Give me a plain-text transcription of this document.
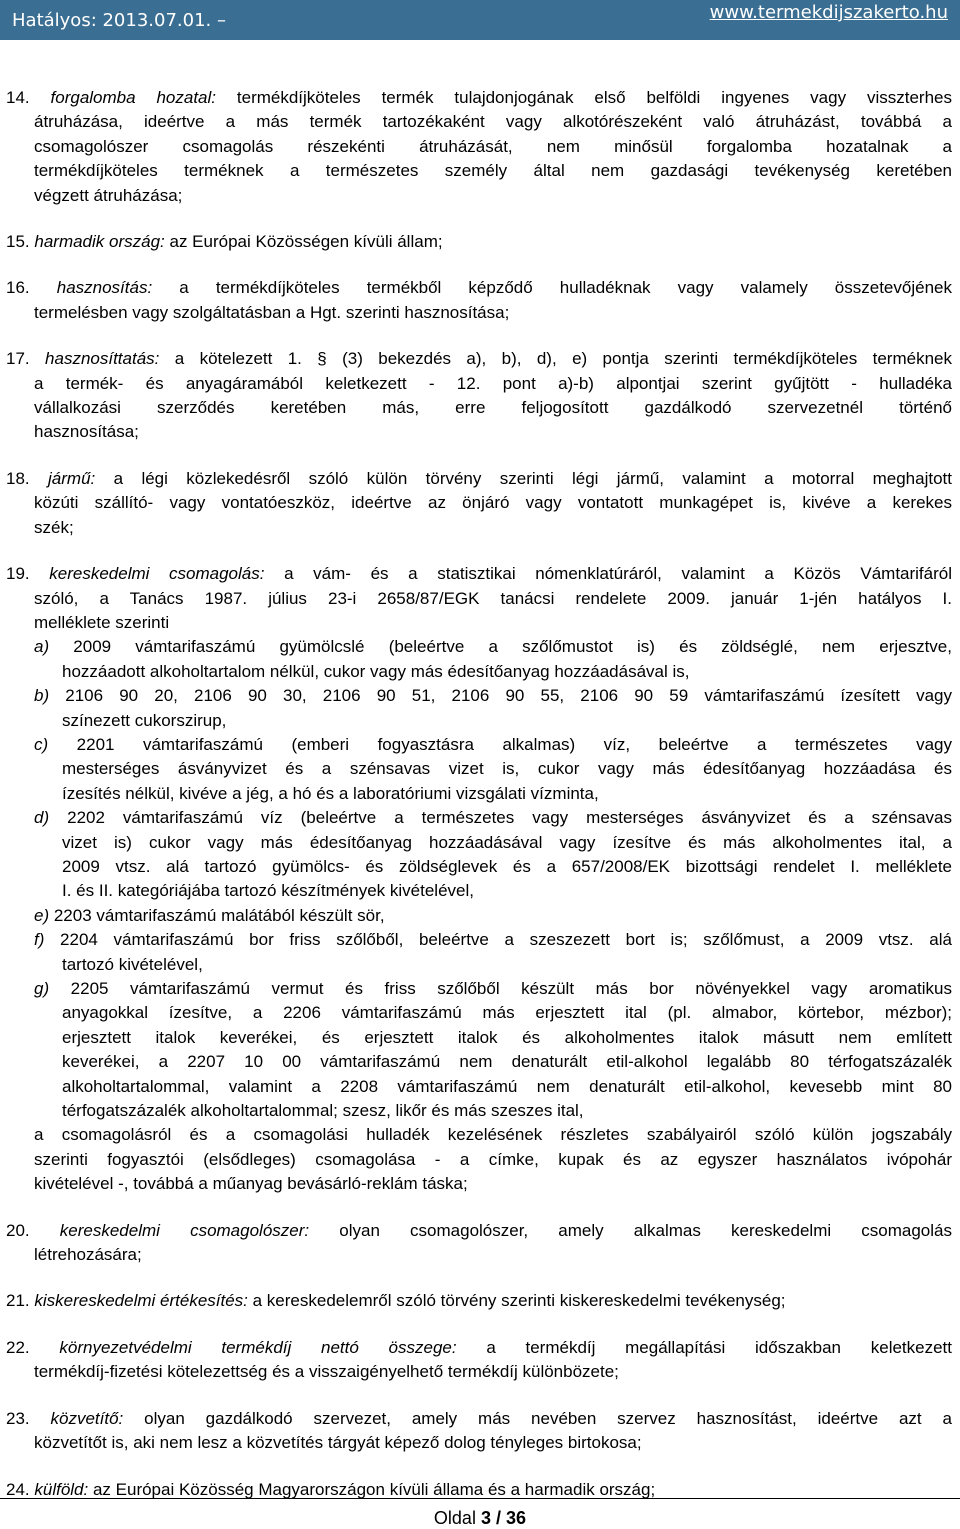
Hatályos: 2013.07.01. –	www.termekdijszakerto.hu
14. forgalomba hozatal: termékdíjköteles termék tulajdonjogának első belföldi ingyenes vagy visszterhes
átruházása, ideértve a más termék tartozékaként vagy alkotórészeként való átruházást, továbbá a
csomagolószer csomagolás részekénti átruházását, nem minősül forgalomba hozatalnak a
termékdíjköteles terméknek a természetes személy által nem gazdasági tevékenység keretében
végzett átruházása;
15. harmadik ország: az Európai Közösségen kívüli állam;
16. hasznosítás: a termékdíjköteles termékből képződő hulladéknak vagy valamely összetevőjének
termelésben vagy szolgáltatásban a Hgt. szerinti hasznosítása;
17. hasznosíttatás: a kötelezett 1. § (3) bekezdés a), b), d), e) pontja szerinti termékdíjköteles terméknek
a termék- és anyagáramából keletkezett - 12. pont a)-b) alpontjai szerint gyűjtött - hulladéka
vállalkozási szerződés keretében más, erre feljogosított gazdálkodó szervezetnél történő
hasznosítása;
18. jármű: a légi közlekedésről szóló külön törvény szerinti légi jármű, valamint a motorral meghajtott
közúti szállító- vagy vontatóeszköz, ideértve az önjáró vagy vontatott munkagépet is, kivéve a kerekes
szék;
19. kereskedelmi csomagolás: a vám- és a statisztikai nómenklatúráról, valamint a Közös Vámtarifáról
szóló, a Tanács 1987. július 23-i 2658/87/EGK tanácsi rendelete 2009. január 1-jén hatályos I.
melléklete szerinti
a) 2009 vámtarifaszámú gyümölcslé (beleértve a szőlőmustot is) és zöldséglé, nem erjesztve,
hozzáadott alkoholtartalom nélkül, cukor vagy más édesítőanyag hozzáadásával is,
b) 2106 90 20, 2106 90 30, 2106 90 51, 2106 90 55, 2106 90 59 vámtarifaszámú ízesített vagy
színezett cukorszirup,
c) 2201 vámtarifaszámú (emberi fogyasztásra alkalmas) víz, beleértve a természetes vagy
mesterséges ásványvizet és a szénsavas vizet is, cukor vagy más édesítőanyag hozzáadása és
ízesítés nélkül, kivéve a jég, a hó és a laboratóriumi vizsgálati vízminta,
d) 2202 vámtarifaszámú víz (beleértve a természetes vagy mesterséges ásványvizet és a szénsavas
vizet is) cukor vagy más édesítőanyag hozzáadásával vagy ízesítve és más alkoholmentes ital, a
2009 vtsz. alá tartozó gyümölcs- és zöldséglevek és a 657/2008/EK bizottsági rendelet I. melléklete
I. és II. kategóriájába tartozó készítmények kivételével,
e) 2203 vámtarifaszámú malátából készült sör,
f) 2204 vámtarifaszámú bor friss szőlőből, beleértve a szeszezett bort is; szőlőmust, a 2009 vtsz. alá
tartozó kivételével,
g) 2205 vámtarifaszámú vermut és friss szőlőből készült más bor növényekkel vagy aromatikus
anyagokkal ízesítve, a 2206 vámtarifaszámú más erjesztett ital (pl. almabor, körtebor, mézbor);
erjesztett italok keverékei, és erjesztett italok és alkoholmentes italok másutt nem említett
keverékei, a 2207 10 00 vámtarifaszámú nem denaturált etil-alkohol legalább 80 térfogatszázalék
alkoholtartalommal, valamint a 2208 vámtarifaszámú nem denaturált etil-alkohol, kevesebb mint 80
térfogatszázalék alkoholtartalommal; szesz, likőr és más szeszes ital,
a csomagolásról és a csomagolási hulladék kezelésének részletes szabályairól szóló külön jogszabály
szerinti fogyasztói (elsődleges) csomagolása - a címke, kupak és az egyszer használatos ivópohár
kivételével -, továbbá a műanyag bevásárló-reklám táska;
20. kereskedelmi csomagolószer: olyan csomagolószer, amely alkalmas kereskedelmi csomagolás
létrehozására;
21. kiskereskedelmi értékesítés: a kereskedelemről szóló törvény szerinti kiskereskedelmi tevékenység;
22. környezetvédelmi termékdíj nettó összege: a termékdíj megállapítási időszakban keletkezett
termékdíj-fizetési kötelezettség és a visszaigényelhető termékdíj különbözete;
23. közvetítő: olyan gazdálkodó szervezet, amely más nevében szervez hasznosítást, ideértve azt a
közvetítőt is, aki nem lesz a közvetítés tárgyát képező dolog tényleges birtokosa;
24. külföld: az Európai Közösség Magyarországon kívüli állama és a harmadik ország;
Oldal 3 / 36
